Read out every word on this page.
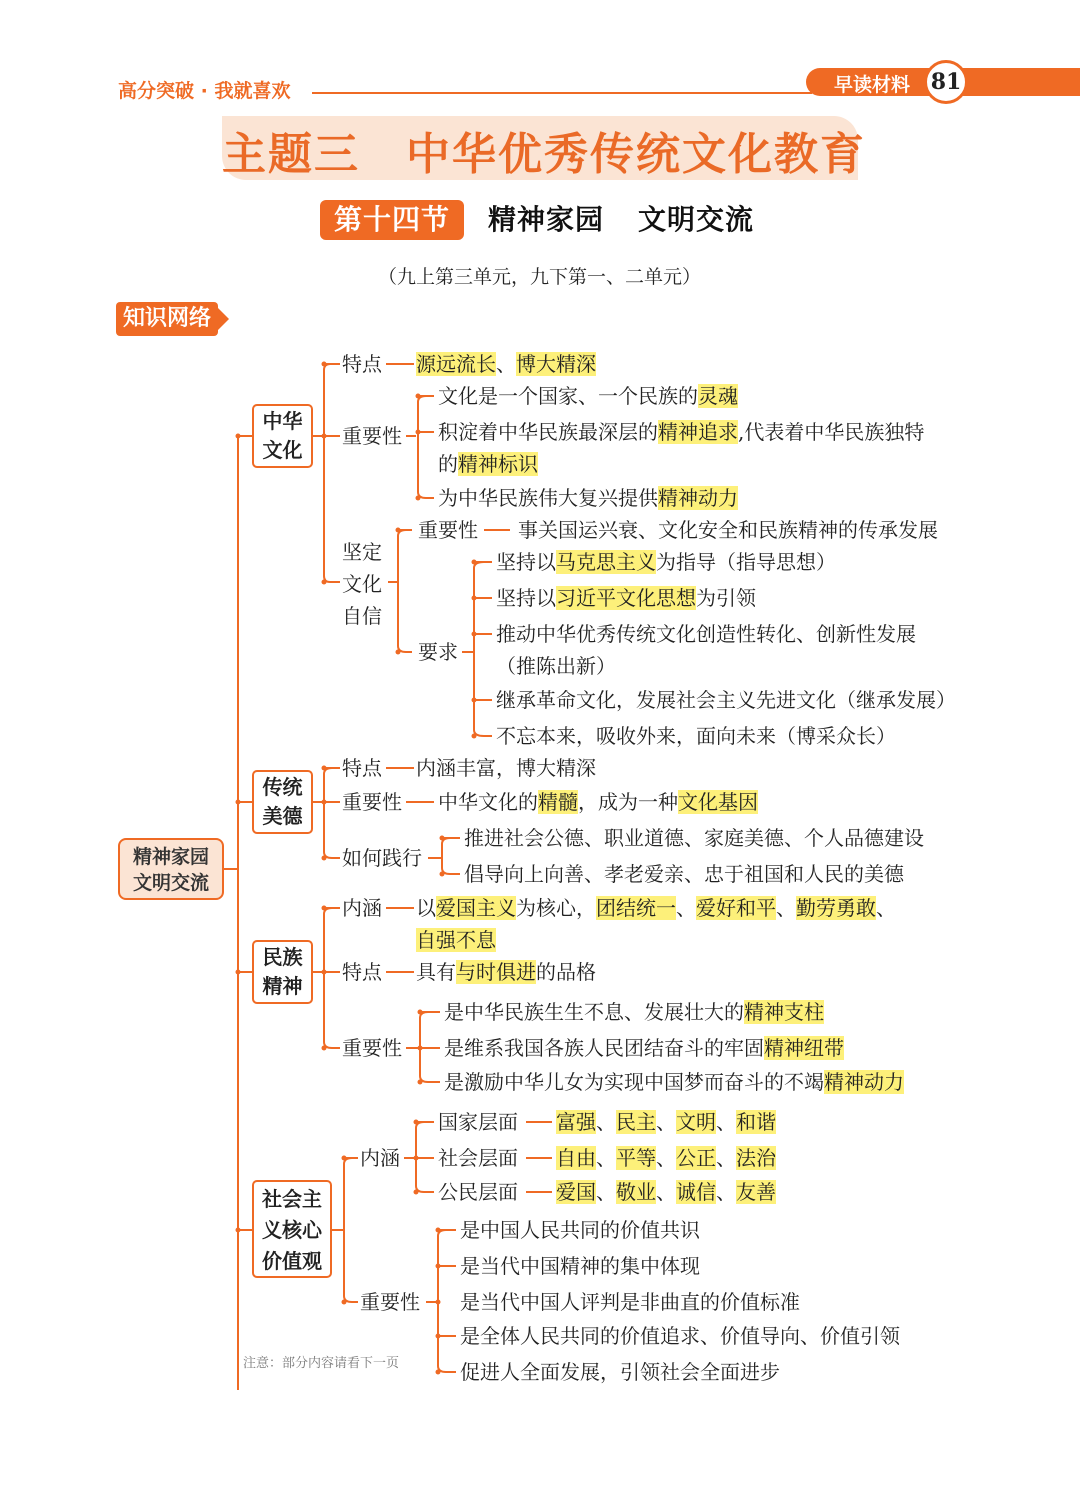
高分突破 · 我就喜欢	早读材料 81
主题三 中华优秀传统文化教育
第十四节	精神家园 文明交流
（九上第三单元，九下第一、二单元）
知识网络
精神家园
文明交流
中华
文化
传统
美德
民族
精神
社会主
义核心
价值观
特点 源远流长、博大精深
重要性
文化是一个国家、一个民族的灵魂
积淀着中华民族最深层的精神追求,代表着中华民族独特
的精神标识
为中华民族伟大复兴提供精神动力
坚定
文化
自信
重要性 事关国运兴衰、文化安全和民族精神的传承发展
要求
坚持以马克思主义为指导（指导思想）
坚持以习近平文化思想为引领
推动中华优秀传统文化创造性转化、创新性发展
（推陈出新）
继承革命文化，发展社会主义先进文化（继承发展）
不忘本来，吸收外来，面向未来（博采众长）
特点 内涵丰富，博大精深
重要性 中华文化的精髓，成为一种文化基因
如何践行
推进社会公德、职业道德、家庭美德、个人品德建设
倡导向上向善、孝老爱亲、忠于祖国和人民的美德
内涵 以爱国主义为核心，团结统一、爱好和平、勤劳勇敢、
自强不息
特点 具有与时俱进的品格
重要性
是中华民族生生不息、发展壮大的精神支柱
是维系我国各族人民团结奋斗的牢固精神纽带
是激励中华儿女为实现中国梦而奋斗的不竭精神动力
内涵
国家层面
社会层面
公民层面
富强、民主、文明、和谐
自由、平等、公正、法治
爱国、敬业、诚信、友善
重要性
是中国人民共同的价值共识
是当代中国精神的集中体现
是当代中国人评判是非曲直的价值标准
是全体人民共同的价值追求、价值导向、价值引领
促进人全面发展，引领社会全面进步
注意：部分内容请看下一页
